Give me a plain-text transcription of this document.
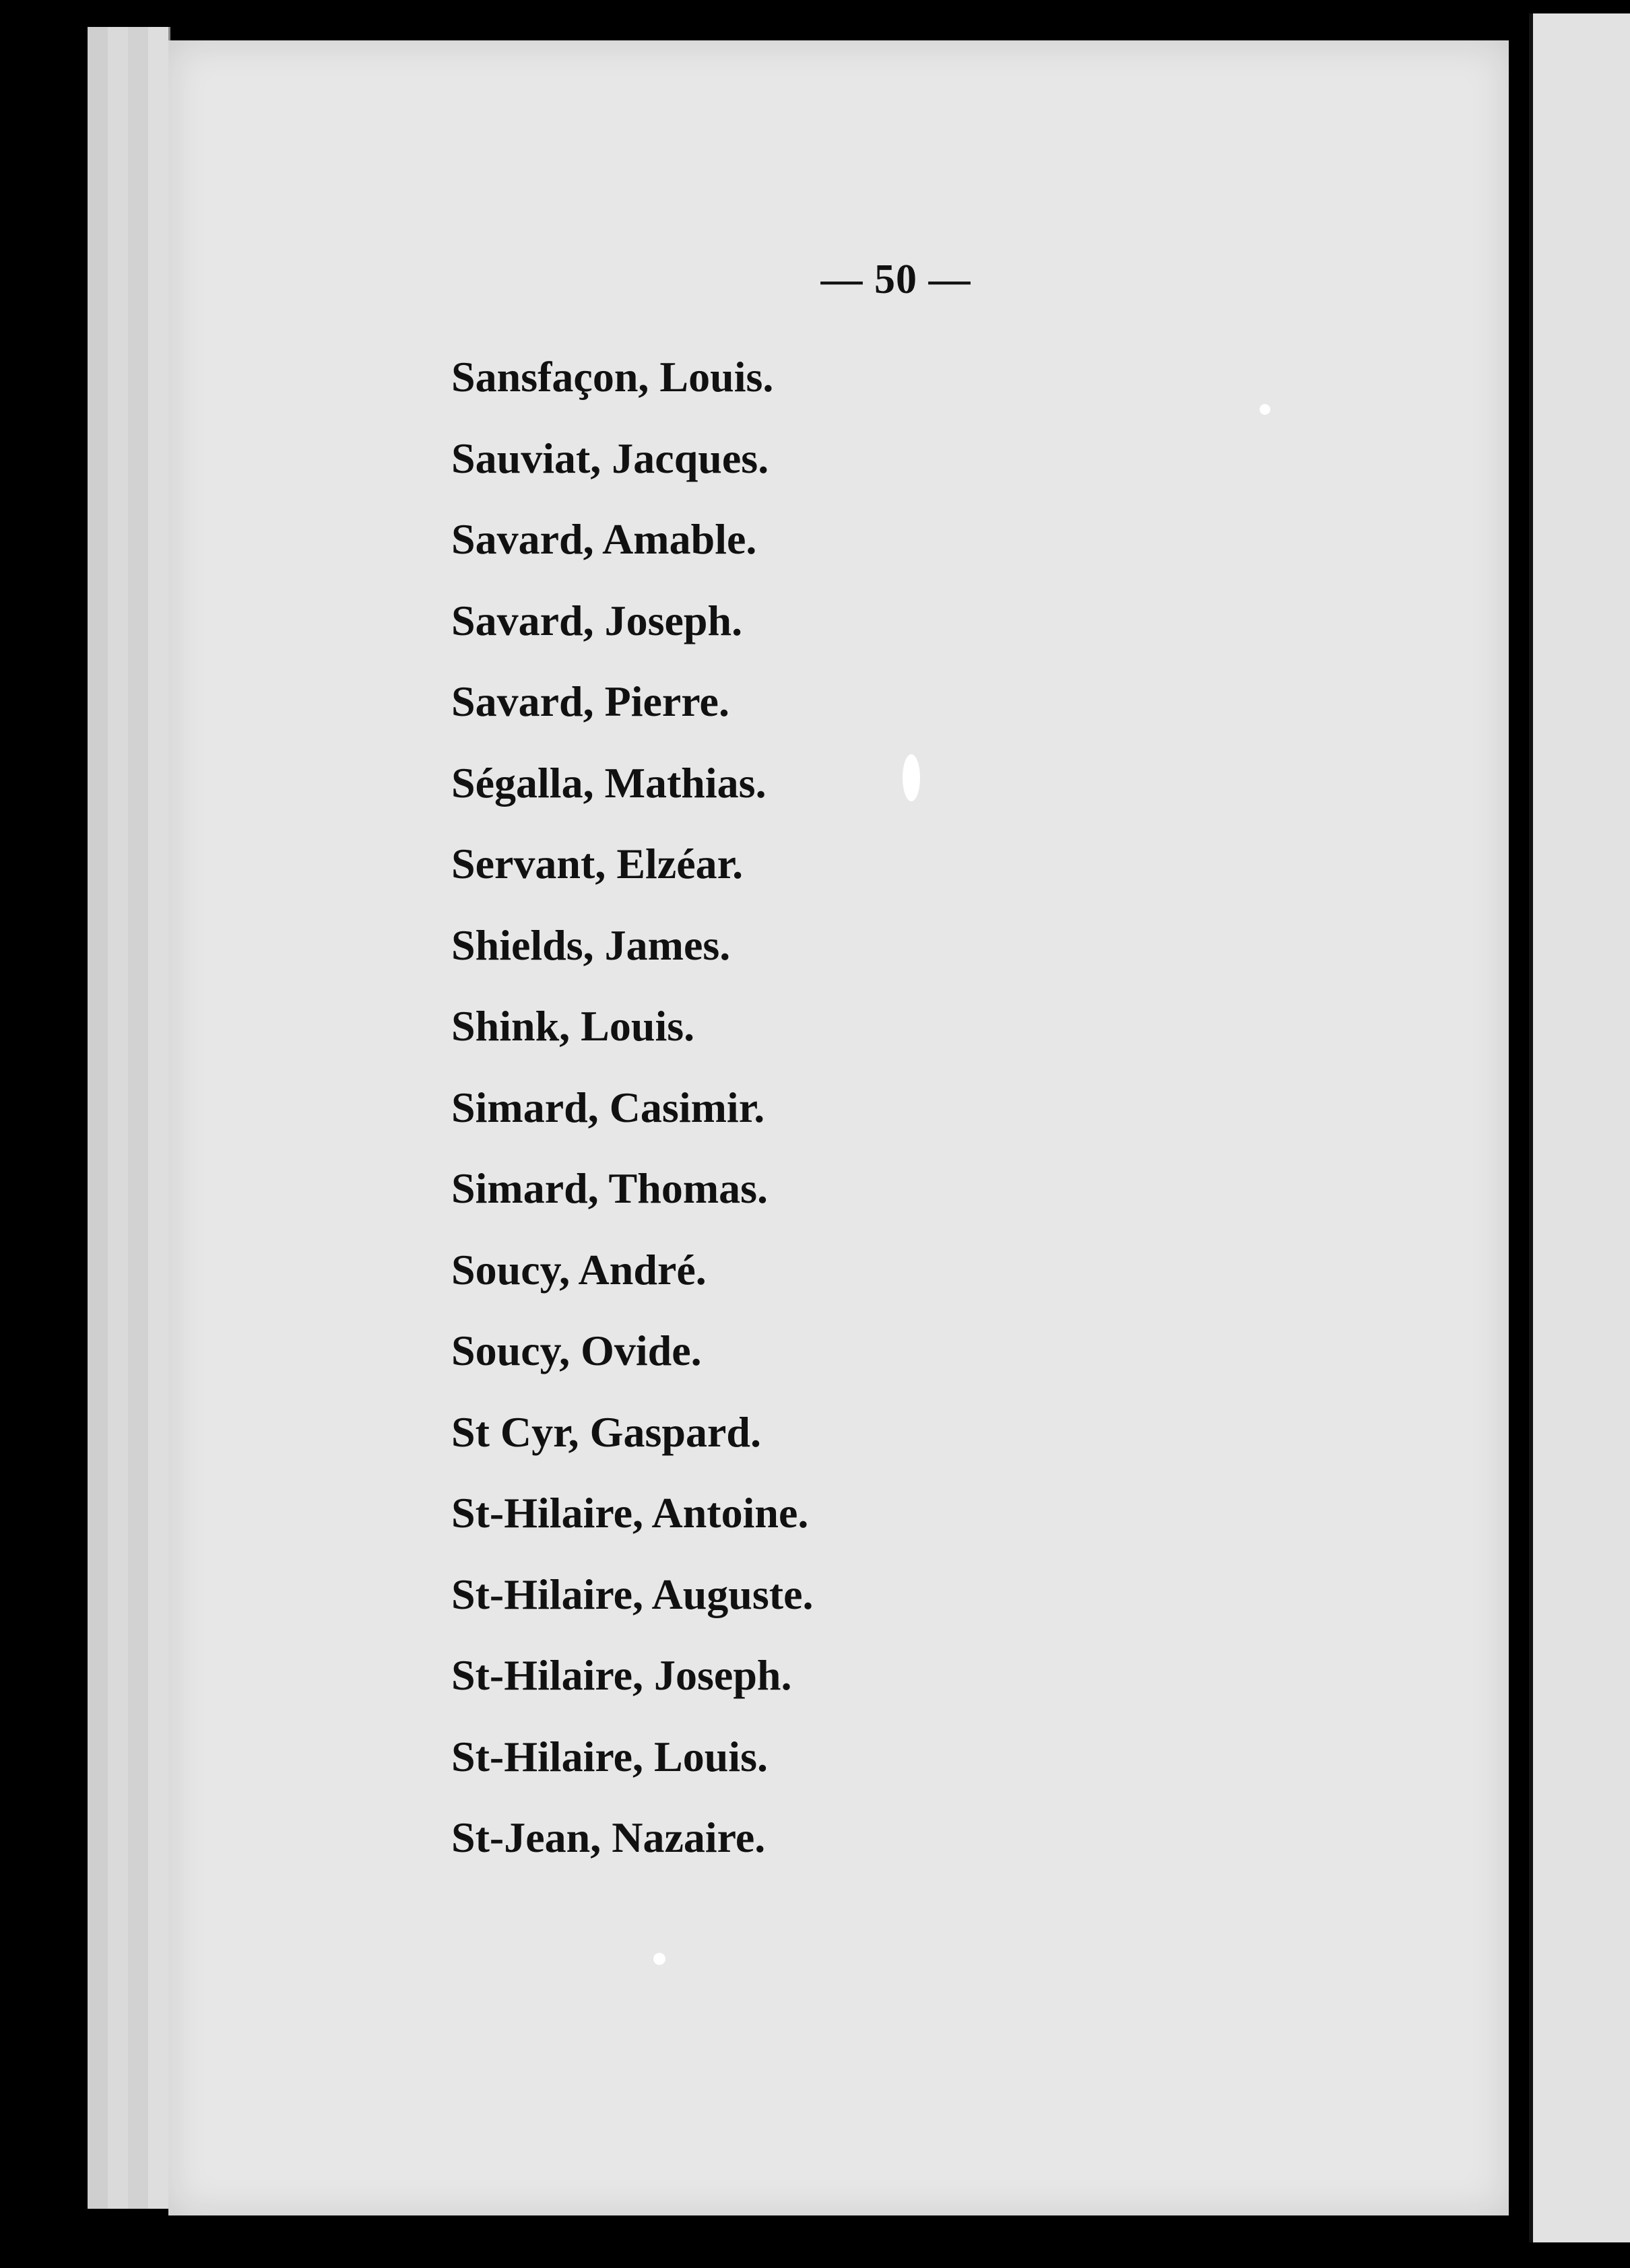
— 50 —
Sansfaçon, Louis.
Sauviat, Jacques.
Savard, Amable.
Savard, Joseph.
Savard, Pierre.
Ségalla, Mathias.
Servant, Elzéar.
Shields, James.
Shink, Louis.
Simard, Casimir.
Simard, Thomas.
Soucy, André.
Soucy, Ovide.
St Cyr, Gaspard.
St-Hilaire, Antoine.
St-Hilaire, Auguste.
St-Hilaire, Joseph.
St-Hilaire, Louis.
St-Jean, Nazaire.
